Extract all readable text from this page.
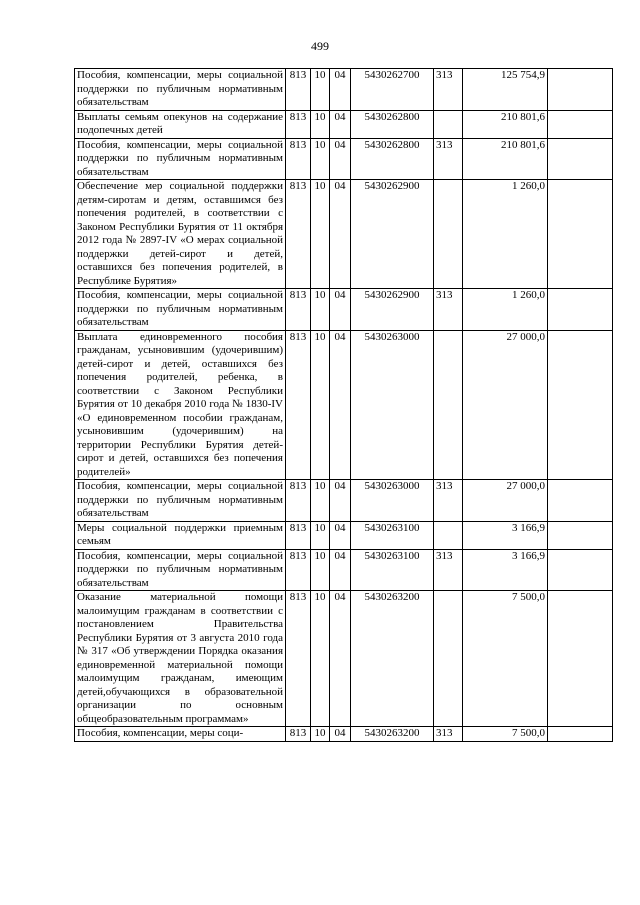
499
Пособия, компенсации, меры социальной поддержки по публичным нормативным обязательствам	813	10	04	5430262700	313	125 754,9	
Выплаты семьям опекунов на содержание подопечных детей	813	10	04	5430262800		210 801,6	
Пособия, компенсации, меры социальной поддержки по публичным нормативным обязательствам	813	10	04	5430262800	313	210 801,6	
Обеспечение мер социальной поддержки детям-сиротам и детям, оставшимся без попечения родителей, в соответствии с Законом Республики Бурятия от 11 октября 2012 года № 2897-IV «О мерах социальной поддержки детей-сирот и детей, оставшихся без попечения родителей, в Республике Бурятия»	813	10	04	5430262900		1 260,0	
Пособия, компенсации, меры социальной поддержки по публичным нормативным обязательствам	813	10	04	5430262900	313	1 260,0	
Выплата единовременного пособия гражданам, усыновившим (удочерившим) детей-сирот и детей, оставшихся без попечения родителей, ребенка, в соответствии с Законом Республики Бурятия от 10 декабря 2010 года № 1830-IV «О единовременном пособии гражданам, усыновившим (удочерившим) на территории Республики Бурятия детей-сирот и детей, оставшихся без попечения родителей»	813	10	04	5430263000		27 000,0	
Пособия, компенсации, меры социальной поддержки по публичным нормативным обязательствам	813	10	04	5430263000	313	27 000,0	
Меры социальной поддержки приемным семьям	813	10	04	5430263100		3 166,9	
Пособия, компенсации, меры социальной поддержки по публичным нормативным обязательствам	813	10	04	5430263100	313	3 166,9	
Оказание материальной помощи малоимущим гражданам в соответствии с постановлением Правительства Республики Бурятия от 3 августа 2010 года № 317 «Об утверждении Порядка оказания единовременной материальной помощи малоимущим гражданам, имеющим детей,обучающихся в образовательной организации по основным общеобразовательным программам»	813	10	04	5430263200		7 500,0	
Пособия, компенсации, меры соци-	813	10	04	5430263200	313	7 500,0	
